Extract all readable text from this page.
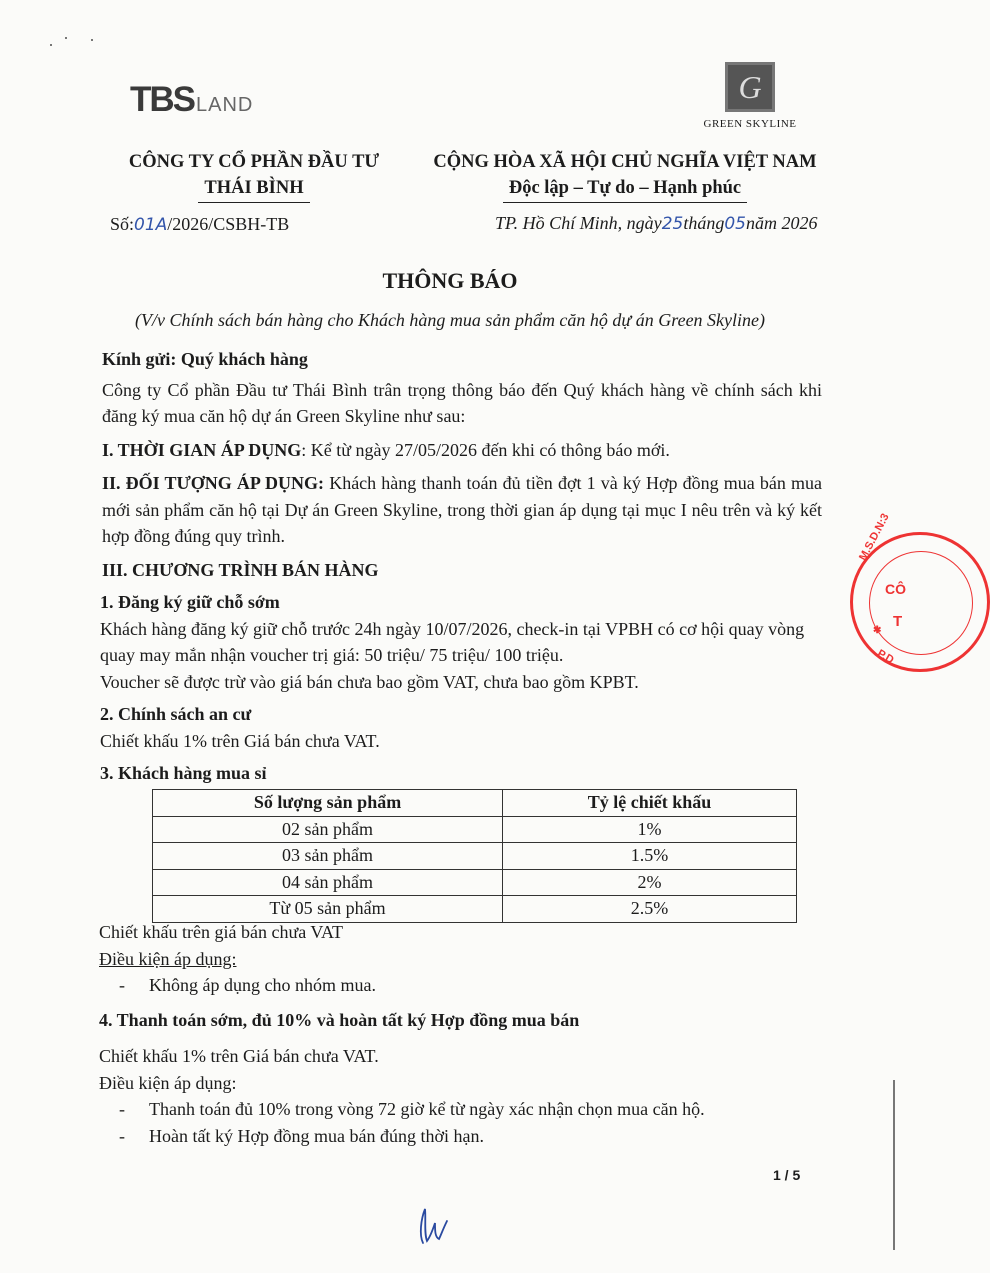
TBS LAND	G
GREEN SKYLINE
CÔNG TY CỔ PHẦN ĐẦU TƯ
THÁI BÌNH
CỘNG HÒA XÃ HỘI CHỦ NGHĨA VIỆT NAM
Độc lập – Tự do – Hạnh phúc
Số:01A/2026/CSBH-TB	TP. Hồ Chí Minh, ngày25tháng05năm 2026
THÔNG BÁO
(V/v Chính sách bán hàng cho Khách hàng mua sản phẩm căn hộ dự án Green Skyline)

Kính gửi: Quý khách hàng

Công ty Cổ phần Đầu tư Thái Bình trân trọng thông báo đến Quý khách hàng về chính sách khi đăng ký mua căn hộ dự án Green Skyline như sau:

I. THỜI GIAN ÁP DỤNG: Kể từ ngày 27/05/2026 đến khi có thông báo mới.

II. ĐỐI TƯỢNG ÁP DỤNG: Khách hàng thanh toán đủ tiền đợt 1 và ký Hợp đồng mua bán mua mới sản phẩm căn hộ tại Dự án Green Skyline, trong thời gian áp dụng tại mục I nêu trên và ký kết hợp đồng đúng quy trình.

III. CHƯƠNG TRÌNH BÁN HÀNG

1. Đăng ký giữ chỗ sớm

Khách hàng đăng ký giữ chỗ trước 24h ngày 10/07/2026, check-in tại VPBH có cơ hội quay vòng quay may mắn nhận voucher trị giá: 50 triệu/ 75 triệu/ 100 triệu.

Voucher sẽ được trừ vào giá bán chưa bao gồm VAT, chưa bao gồm KPBT.

2. Chính sách an cư

Chiết khấu 1% trên Giá bán chưa VAT.

3. Khách hàng mua sỉ

Số lượng sản phẩm	Tỷ lệ chiết khấu
02 sản phẩm	1%
03 sản phẩm	1.5%
04 sản phẩm	2%
Từ 05 sản phẩm	2.5%

Chiết khấu trên giá bán chưa VAT

Điều kiện áp dụng:

- Không áp dụng cho nhóm mua.

4. Thanh toán sớm, đủ 10% và hoàn tất ký Hợp đồng mua bán

Chiết khấu 1% trên Giá bán chưa VAT.

Điều kiện áp dụng:

- Thanh toán đủ 10% trong vòng 72 giờ kể từ ngày xác nhận chọn mua căn hộ.

- Hoàn tất ký Hợp đồng mua bán đúng thời hạn.

1 / 5
M.S.D.N:3
CÔ
T
✱
P.D
